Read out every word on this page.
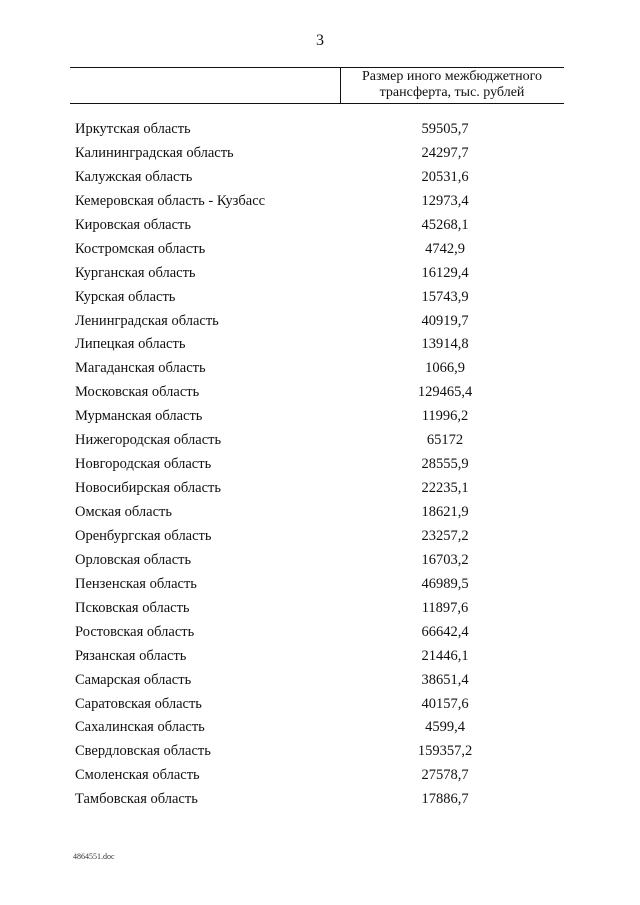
3
Размер иного межбюджетного трансферта, тыс. рублей
Иркутская область	59505,7
Калининградская область	24297,7
Калужская область	20531,6
Кемеровская область - Кузбасс	12973,4
Кировская область	45268,1
Костромская область	4742,9
Курганская область	16129,4
Курская область	15743,9
Ленинградская область	40919,7
Липецкая область	13914,8
Магаданская область	1066,9
Московская область	129465,4
Мурманская область	11996,2
Нижегородская область	65172
Новгородская область	28555,9
Новосибирская область	22235,1
Омская область	18621,9
Оренбургская область	23257,2
Орловская область	16703,2
Пензенская область	46989,5
Псковская область	11897,6
Ростовская область	66642,4
Рязанская область	21446,1
Самарская область	38651,4
Саратовская область	40157,6
Сахалинская область	4599,4
Свердловская область	159357,2
Смоленская область	27578,7
Тамбовская область	17886,7
4864551.doc
